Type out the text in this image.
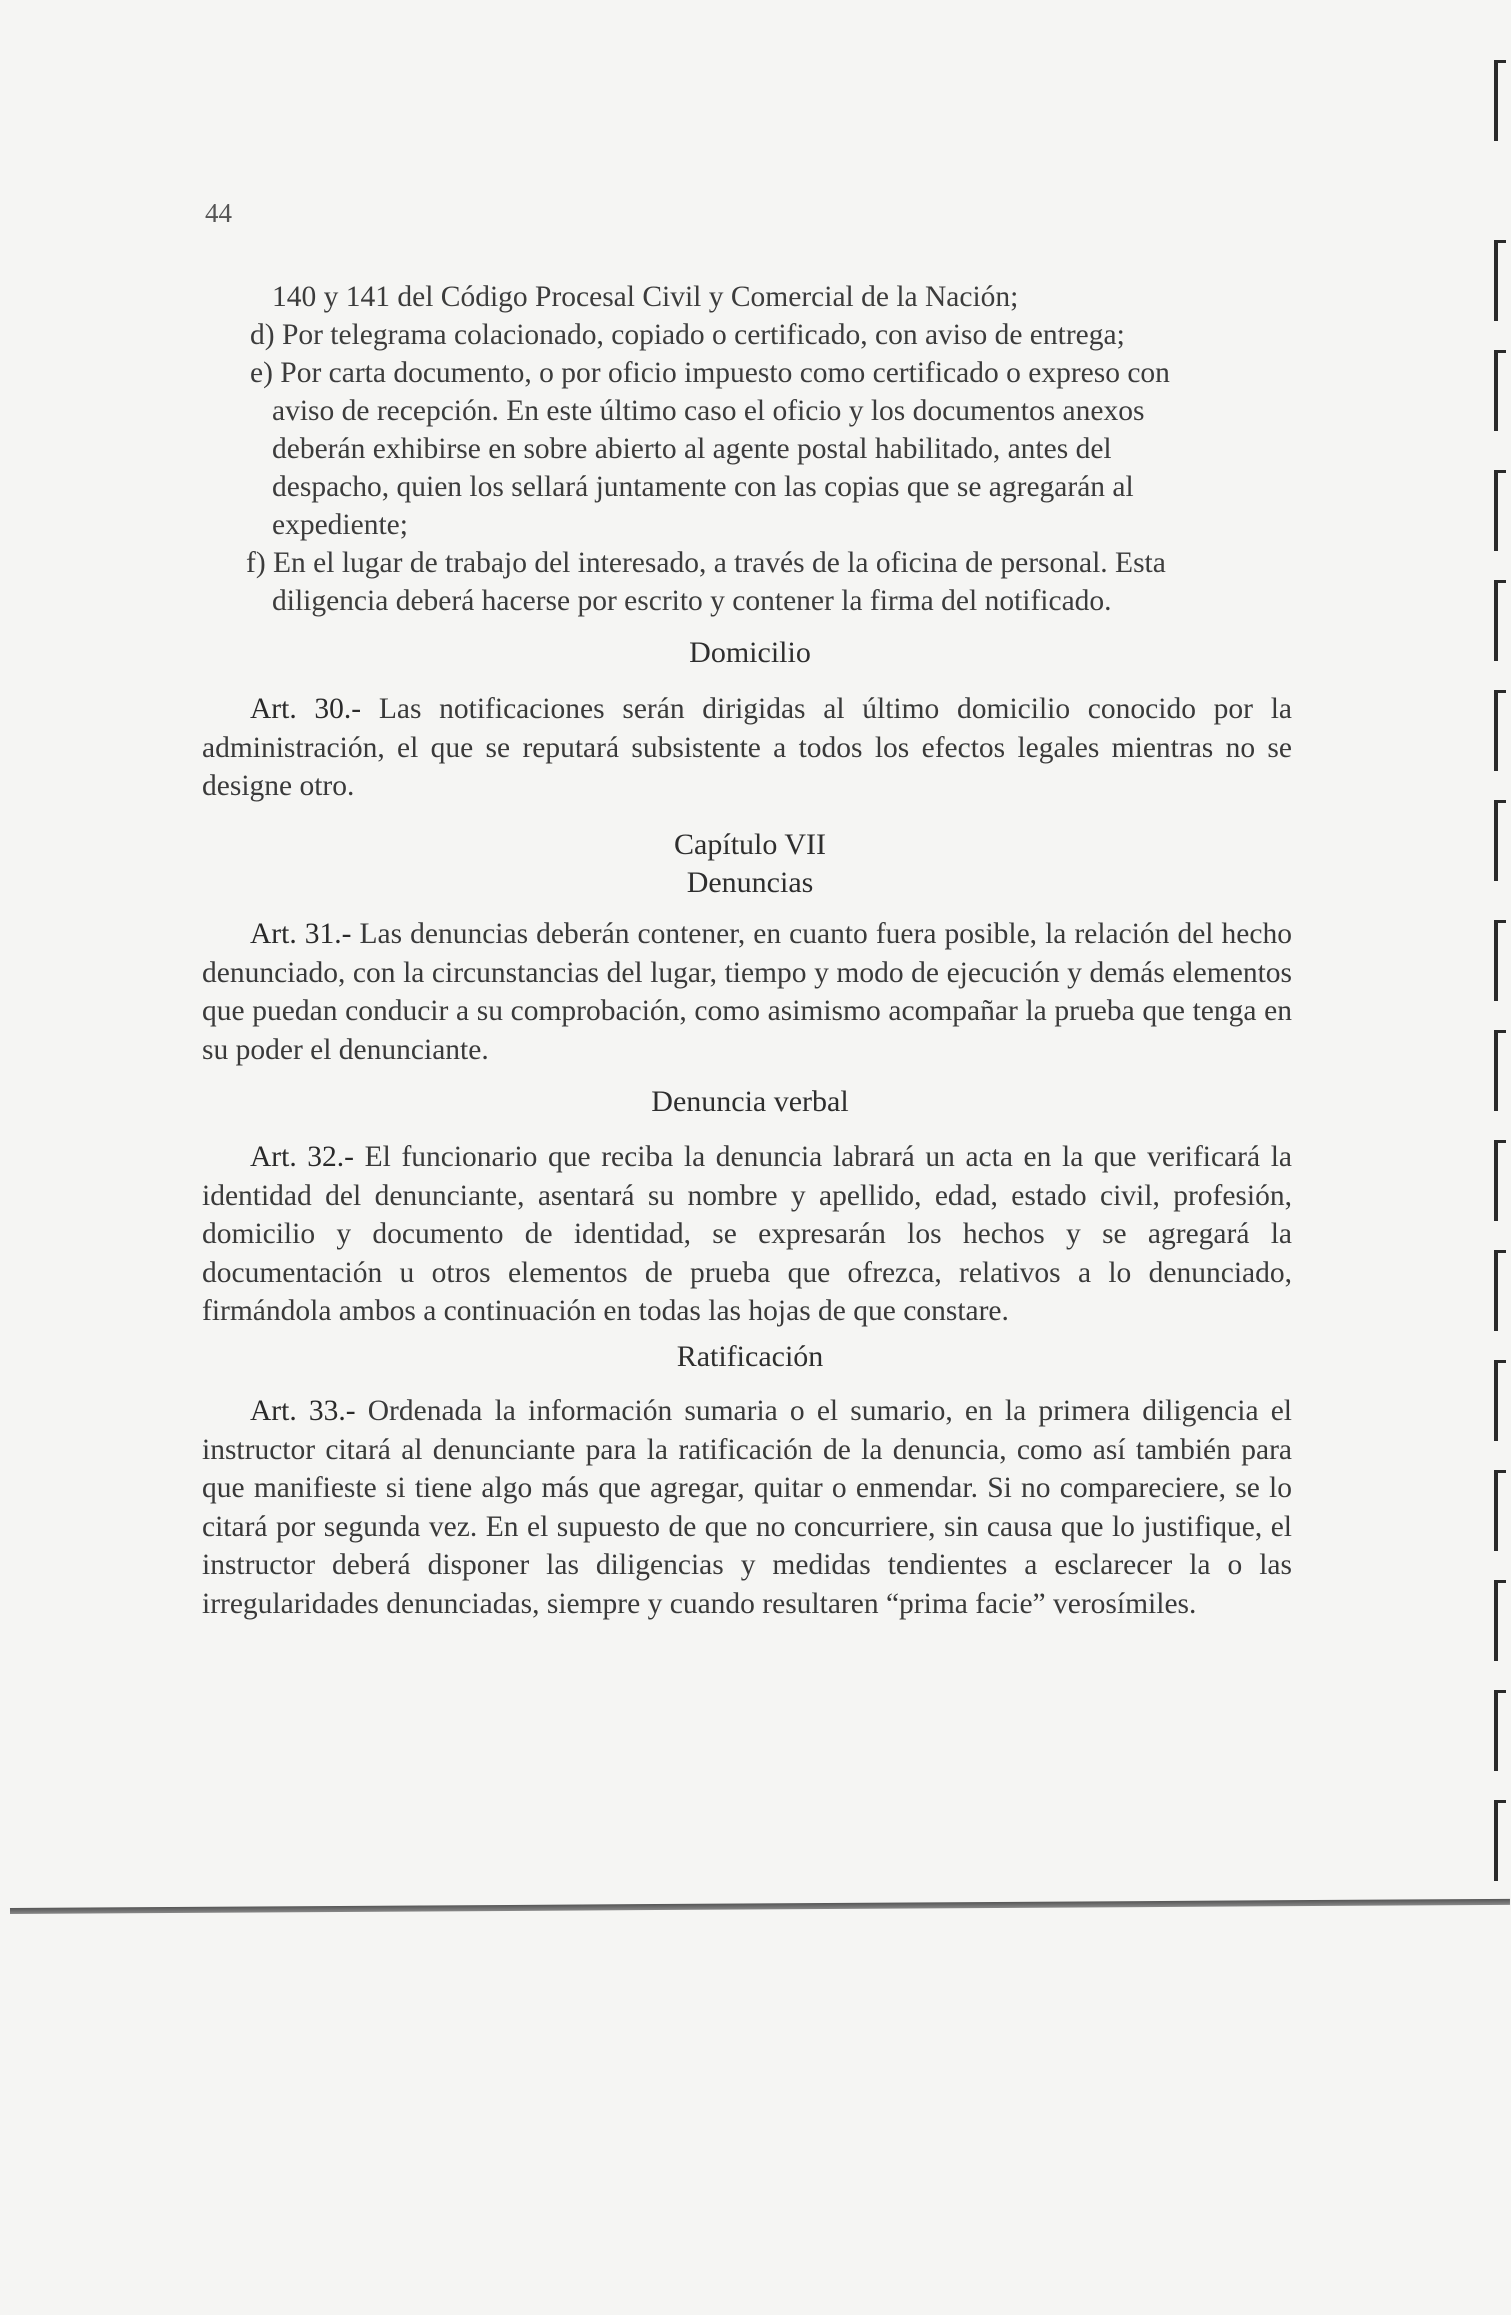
44
140 y 141 del Código Procesal Civil y Comercial de la Nación;
d) Por telegrama colacionado, copiado o certificado, con aviso de entrega;
e) Por carta documento, o por oficio impuesto como certificado o expreso con
aviso de recepción. En este último caso el oficio y los documentos anexos
deberán exhibirse en sobre abierto al agente postal habilitado, antes del
despacho, quien los sellará juntamente con las copias que se agregarán al
expediente;
f) En el lugar de trabajo del interesado, a través de la oficina de personal. Esta
diligencia deberá hacerse por escrito y contener la firma del notificado.
Domicilio
Art. 30.- Las notificaciones serán dirigidas al último domicilio conocido por la administración, el que se reputará subsistente a todos los efectos legales mientras no se designe otro.
Capítulo VII
Denuncias
Art. 31.- Las denuncias deberán contener, en cuanto fuera posible, la relación del hecho denunciado, con la circunstancias del lugar, tiempo y modo de ejecución y demás elementos que puedan conducir a su comprobación, como asimismo acompañar la prueba que tenga en su poder el denunciante.
Denuncia verbal
Art. 32.- El funcionario que reciba la denuncia labrará un acta en la que verificará la identidad del denunciante, asentará su nombre y apellido, edad, estado civil, profesión, domicilio y documento de identidad, se expresarán los hechos y se agregará la documentación u otros elementos de prueba que ofrezca, relativos a lo denunciado, firmándola ambos a continuación en todas las hojas de que constare.
Ratificación
Art. 33.- Ordenada la información sumaria o el sumario, en la primera diligencia el instructor citará al denunciante para la ratificación de la denuncia, como así también para que manifieste si tiene algo más que agregar, quitar o enmendar. Si no compareciere, se lo citará por segunda vez. En el supuesto de que no concurriere, sin causa que lo justifique, el instructor deberá disponer las diligencias y medidas tendientes a esclarecer la o las irregularidades denunciadas, siempre y cuando resultaren “prima facie” verosímiles.
